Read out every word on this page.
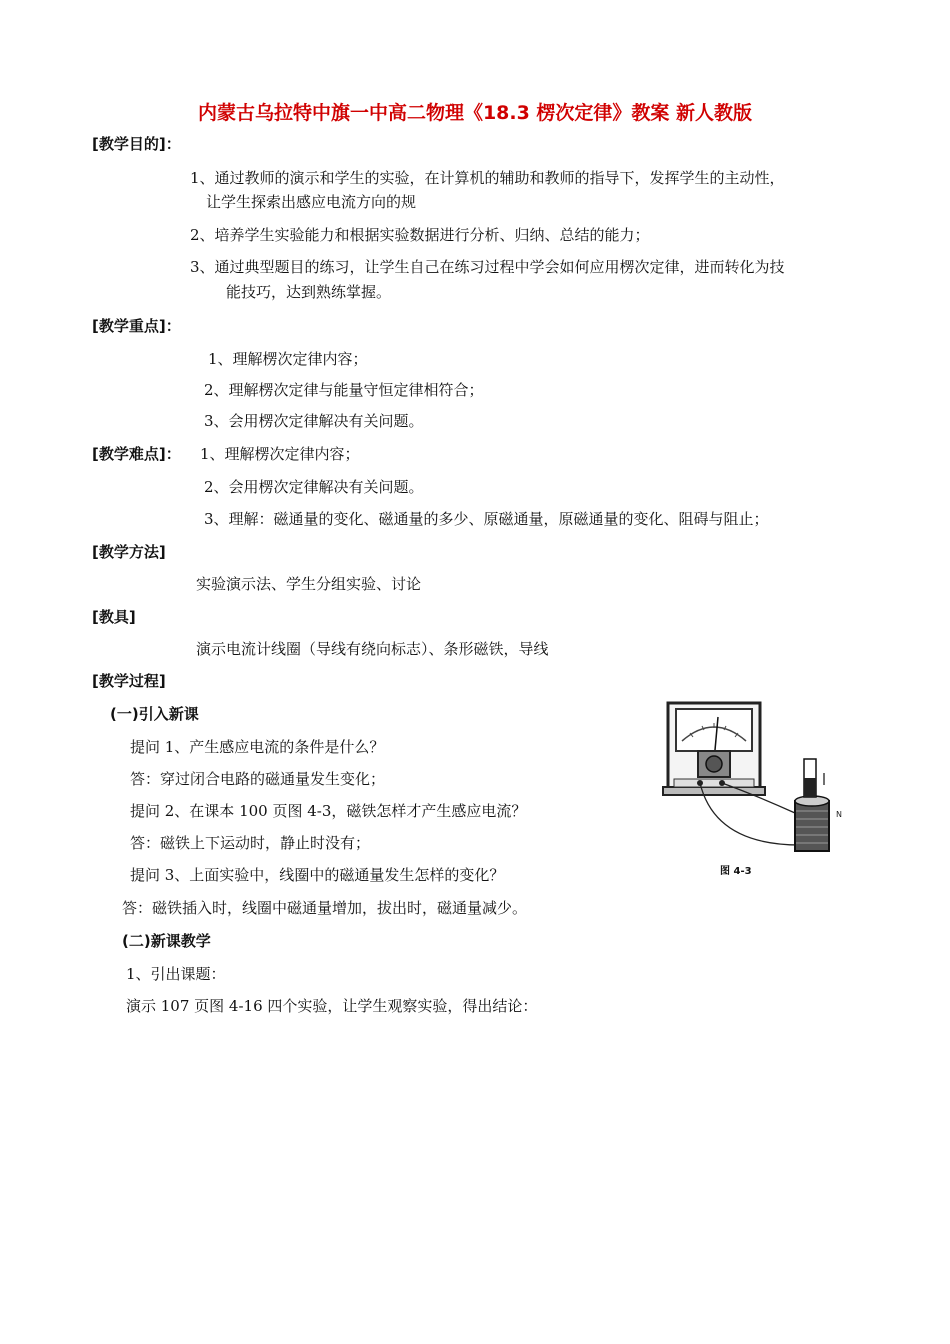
内蒙古乌拉特中旗一中高二物理《18.3 楞次定律》教案 新人教版
[教学目的]：
1、通过教师的演示和学生的实验，在计算机的辅助和教师的指导下，发挥学生的主动性，
让学生探索出感应电流方向的规
2、培养学生实验能力和根据实验数据进行分析、归纳、总结的能力；
3、通过典型题目的练习，让学生自己在练习过程中学会如何应用楞次定律，进而转化为技
能技巧，达到熟练掌握。
[教学重点]：
1、理解楞次定律内容；
2、理解楞次定律与能量守恒定律相符合；
3、会用楞次定律解决有关问题。
[教学难点]： 1、理解楞次定律内容；
2、会用楞次定律解决有关问题。
3、理解：磁通量的变化、磁通量的多少、原磁通量，原磁通量的变化、阻碍与阻止；
[教学方法]
实验演示法、学生分组实验、讨论
[教具]
演示电流计线圈（导线有绕向标志）、条形磁铁，导线
[教学过程]
(一)引入新课
提问 1、产生感应电流的条件是什么？
答：穿过闭合电路的磁通量发生变化；
提问 2、在课本 100 页图 4-3，磁铁怎样才产生感应电流？
答：磁铁上下运动时，静止时没有；
提问 3、上面实验中，线圈中的磁通量发生怎样的变化？
答：磁铁插入时，线圈中磁通量增加，拔出时，磁通量减少。
(二)新课教学
1、引出课题：
演示 107 页图 4-16 四个实验，让学生观察实验，得出结论：
N
图 4-3
